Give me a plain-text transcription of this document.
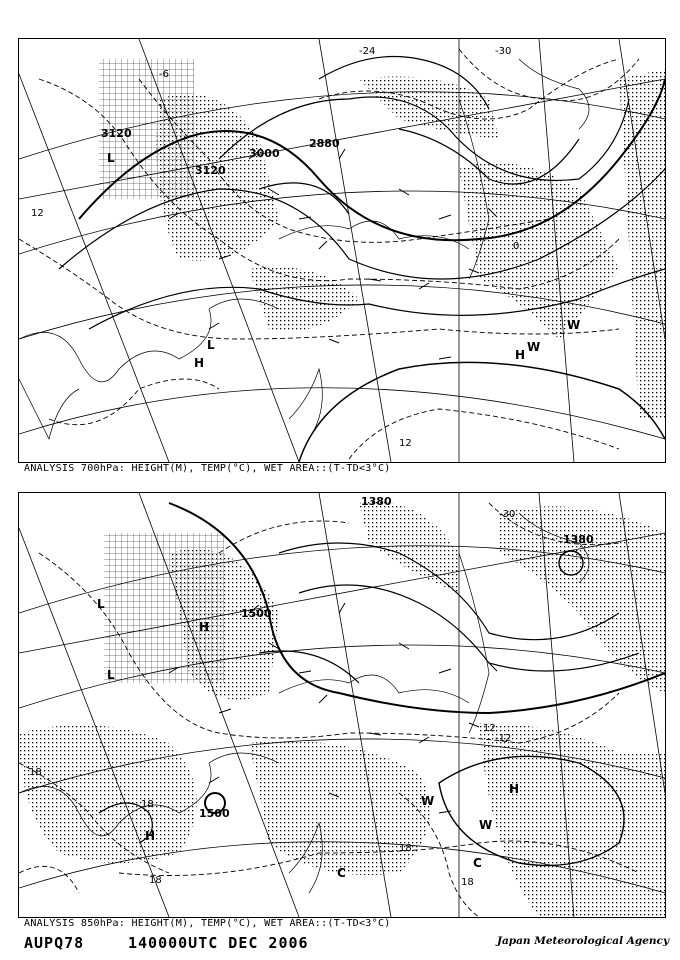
3120
3120
3000
2880
-6
-24	-30
0
12
12
L
L
H
H
W
W
ANALYSIS 700hPa: HEIGHT(M), TEMP(°C), WET AREA::(T-TD<3°C)
1500
1380
1380
1500
-30
18
18
18
12
-12
18	18
L
L
H
H
H
W
W
C
C
ANALYSIS 850hPa: HEIGHT(M), TEMP(°C), WET AREA::(T-TD<3°C)
AUPQ78	140000UTC DEC 2006	Japan Meteorological Agency
